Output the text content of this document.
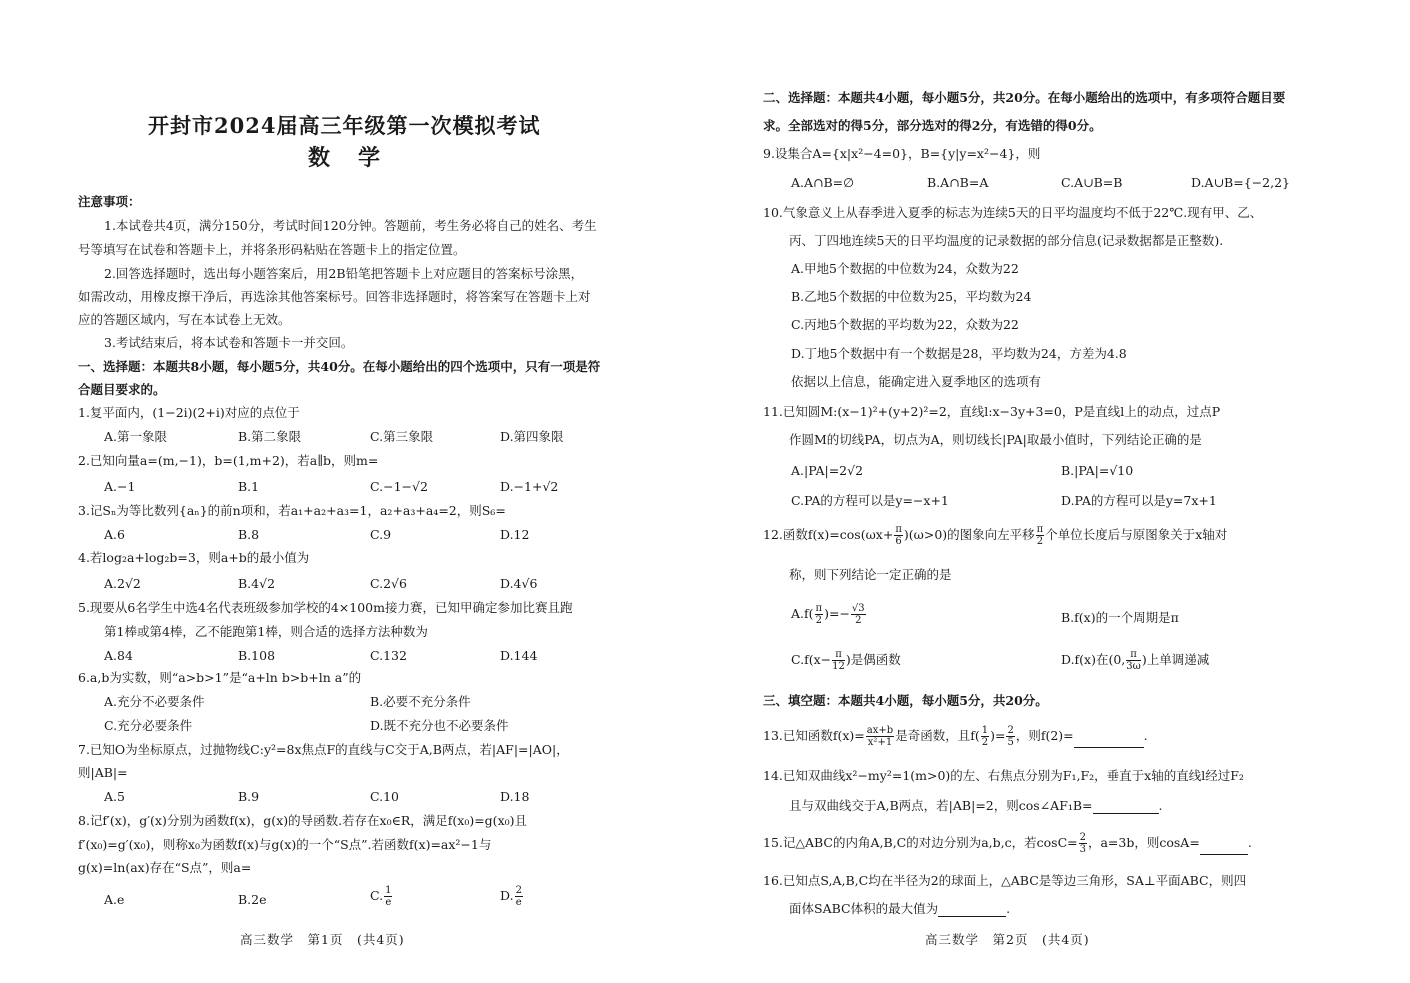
开封市2024届高三年级第一次模拟考试
数学
注意事项：
1.本试卷共4页，满分150分，考试时间120分钟。答题前，考生务必将自己的姓名、考生
号等填写在试卷和答题卡上，并将条形码粘贴在答题卡上的指定位置。
2.回答选择题时，选出每小题答案后，用2B铅笔把答题卡上对应题目的答案标号涂黑，
如需改动，用橡皮擦干净后，再选涂其他答案标号。回答非选择题时，将答案写在答题卡上对
应的答题区域内，写在本试卷上无效。
3.考试结束后，将本试卷和答题卡一并交回。
一、选择题：本题共8小题，每小题5分，共40分。在每小题给出的四个选项中，只有一项是符
合题目要求的。
1.复平面内，(1−2i)(2+i)对应的点位于
A.第一象限	B.第二象限	C.第三象限	D.第四象限
2.已知向量a=(m,−1)，b=(1,m+2)，若a∥b，则m=
A.−1	B.1	C.−1−√2	D.−1+√2
3.记Sₙ为等比数列{aₙ}的前n项和，若a₁+a₂+a₃=1，a₂+a₃+a₄=2，则S₆=
A.6	B.8	C.9	D.12
4.若log₂a+log₂b=3，则a+b的最小值为
A.2√2	B.4√2	C.2√6	D.4√6
5.现要从6名学生中选4名代表班级参加学校的4×100m接力赛，已知甲确定参加比赛且跑
第1棒或第4棒，乙不能跑第1棒，则合适的选择方法种数为
A.84	B.108	C.132	D.144
6.a,b为实数，则“a>b>1”是“a+ln b>b+ln a”的
A.充分不必要条件	B.必要不充分条件
C.充分必要条件	D.既不充分也不必要条件
7.已知O为坐标原点，过抛物线C:y²=8x焦点F的直线与C交于A,B两点，若|AF|=|AO|，
则|AB|=
A.5	B.9	C.10	D.18
8.记f′(x)，g′(x)分别为函数f(x)，g(x)的导函数.若存在x₀∈R，满足f(x₀)=g(x₀)且
f′(x₀)=g′(x₀)，则称x₀为函数f(x)与g(x)的一个“S点”.若函数f(x)=ax²−1与
g(x)=ln(ax)存在“S点”，则a=
A.e	B.2e	C. $\frac{1}{e}$	D. $\frac{2}{e}$
高三数学　第1页　(共4页)
二、选择题：本题共4小题，每小题5分，共20分。在每小题给出的选项中，有多项符合题目要
求。全部选对的得5分，部分选对的得2分，有选错的得0分。
9.设集合A={x|x²−4=0}，B={y|y=x²−4}，则
A.A∩B=∅	B.A∩B=A	C.A∪B=B	D.A∪B={−2,2}
10.气象意义上从春季进入夏季的标志为连续5天的日平均温度均不低于22℃.现有甲、乙、
丙、丁四地连续5天的日平均温度的记录数据的部分信息(记录数据都是正整数).
A.甲地5个数据的中位数为24，众数为22
B.乙地5个数据的中位数为25，平均数为24
C.丙地5个数据的平均数为22，众数为22
D.丁地5个数据中有一个数据是28，平均数为24，方差为4.8
依据以上信息，能确定进入夏季地区的选项有
11.已知圆M:(x−1)²+(y+2)²=2，直线l:x−3y+3=0，P是直线l上的动点，过点P
作圆M的切线PA，切点为A，则切线长|PA|取最小值时，下列结论正确的是
A.|PA|=2√2	B.|PA|=√10
C.PA的方程可以是y=−x+1	D.PA的方程可以是y=7x+1
12.函数$f(x)=\cos(\omega x+ \frac{\pi}{6} )(\omega>0)$的图象向左平移 $\frac{\pi}{2}$ 个单位长度后与原图象关于x轴对
称，则下列结论一定正确的是
$A.f( \frac{\pi}{2}$ )=− $\frac{√3}{2}$	B.f(x)的一个周期是π
$C.f(x- \frac{\pi}{12}$ )是偶函数	D.f(x)在(0, $\frac{\pi}{3\omega}$ )上单调递减
三、填空题：本题共4小题，每小题5分，共20分。
13.已知函数$f(x)= \frac{ax+b}{\text{x²+1}}$ 是奇函数，且$f( \frac{1}{2}$ )= $\frac{2}{5}$ ，则f(2)=	.
14.已知双曲线x²−my²=1(m>0)的左、右焦点分别为F₁,F₂，垂直于x轴的直线l经过F₂
且与双曲线交于A,B两点，若|AB|=2，则cos∠AF₁B=	.
15.记△ABC的内角A,B,C的对边分别为a,b,c，若$\cos C= \frac{2}{3}$ ，a=3b，则cosA=	.
16.已知点S,A,B,C均在半径为2的球面上，△ABC是等边三角形，SA⊥平面ABC，则四
面体SABC体积的最大值为	.
高三数学　第2页　(共4页)
